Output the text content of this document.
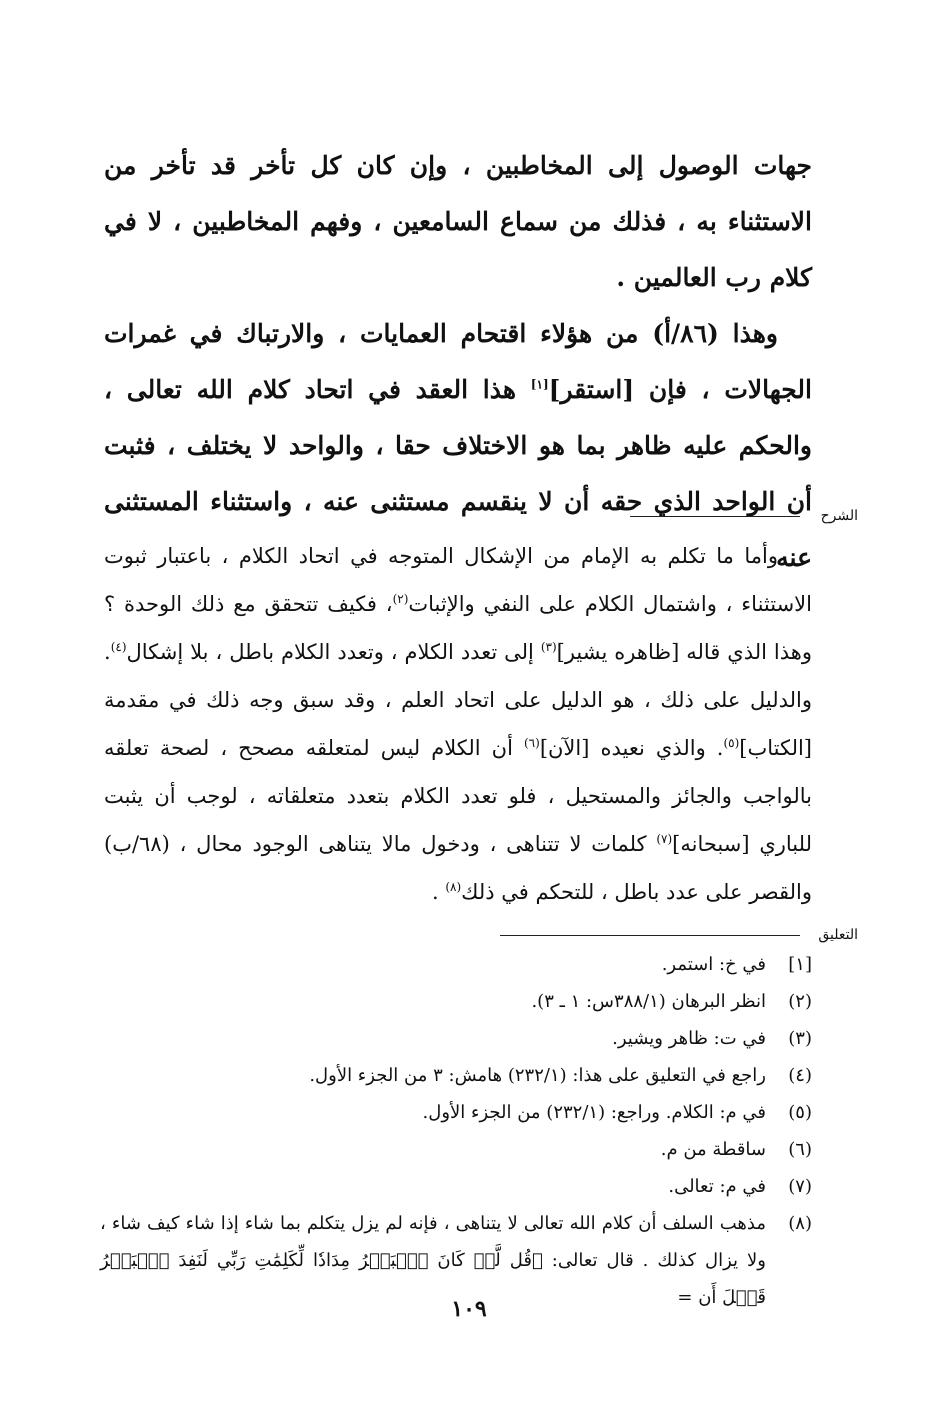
جهات الوصول إلى المخاطبين ، وإن كان كل تأخر قد تأخر من الاستثناء به ، فذلك من سماع السامعين ، وفهم المخاطبين ، لا في كلام رب العالمين .

وهذا (٨٦/أ) من هؤلاء اقتحام العمايات ، والارتباك في غمرات الجهالات ، فإن [استقر][١] هذا العقد في اتحاد كلام الله تعالى ، والحكم عليه ظاهر بما هو الاختلاف حقا ، والواحد لا يختلف ، فثبت أن الواحد الذي حقه أن لا ينقسم مستثنى عنه ، واستثناء المستثنى عنه

الشرح

وأما ما تكلم به الإمام من الإشكال المتوجه في اتحاد الكلام ، باعتبار ثبوت الاستثناء ، واشتمال الكلام على النفي والإثبات$^{(٢)}$، فكيف تتحقق مع ذلك الوحدة ؟ وهذا الذي قاله [ظاهره يشير]$^{(٣)}$ إلى تعدد الكلام ، وتعدد الكلام باطل ، بلا إشكال$^{(٤)}$. والدليل على ذلك ، هو الدليل على اتحاد العلم ، وقد سبق وجه ذلك في مقدمة [الكتاب]$^{(٥)}$. والذي نعيده [الآن]$^{(٦)}$ أن الكلام ليس لمتعلقه مصحح ، لصحة تعلقه بالواجب والجائز والمستحيل ، فلو تعدد الكلام بتعدد متعلقاته ، لوجب أن يثبت للباري [سبحانه]$^{(٧)}$ كلمات لا تتناهى ، ودخول مالا يتناهى الوجود محال ، (٦٨/ب) والقصر على عدد باطل ، للتحكم في ذلك$^{(٨)}$ .

التعليق
[١]
في خ: استمر.
(٢)
انظر البرهان (٣٨٨/١س: ١ ـ ٣).
(٣)
في ت: ظاهر ويشير.
(٤)
راجع في التعليق على هذا: (٢٣٢/١) هامش: ٣ من الجزء الأول.
(٥)
في م: الكلام. وراجع: (٢٣٢/١) من الجزء الأول.
(٦)
ساقطة من م.
(٧)
في م: تعالى.
(٨)
مذهب السلف أن كلام الله تعالى لا يتناهى ، فإنه لم يزل يتكلم بما شاء إذا شاء كيف شاء ، ولا يزال كذلك . قال تعالى: ﴿قُل لَّوۡ كَانَ ٱلۡبَحۡرُ مِدَادٗا لِّكَلِمَٰتِ رَبِّي لَنَفِدَ ٱلۡبَحۡرُ قَبۡلَ أَن =
١٠٩
